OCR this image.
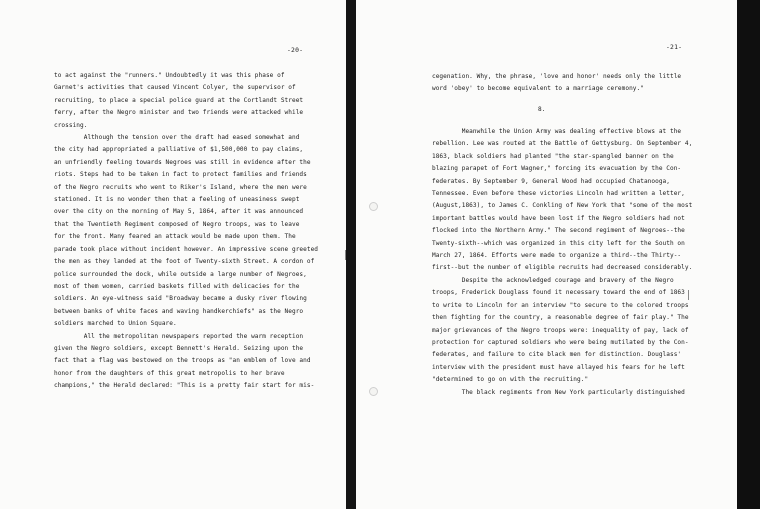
-20-
to act against the "runners." Undoubtedly it was this phase of
Garnet's activities that caused Vincent Colyer, the supervisor of
recruiting, to place a special police guard at the Cortlandt Street
ferry, after the Negro minister and two friends were attacked while
crossing.
Although the tension over the draft had eased somewhat and
the city had appropriated a palliative of $1,500,000 to pay claims,
an unfriendly feeling towards Negroes was still in evidence after the
riots. Steps had to be taken in fact to protect families and friends
of the Negro recruits who went to Riker's Island, where the men were
stationed. It is no wonder then that a feeling of uneasiness swept
over the city on the morning of May 5, 1864, after it was announced
that the Twentieth Regiment composed of Negro troops, was to leave
for the front. Many feared an attack would be made upon them. The
parade took place without incident however. An impressive scene greeted
the men as they landed at the foot of Twenty-sixth Street. A cordon of
police surrounded the dock, while outside a large number of Negroes,
most of them women, carried baskets filled with delicacies for the
soldiers. An eye-witness said "Broadway became a dusky river flowing
between banks of white faces and waving handkerchiefs" as the Negro
soldiers marched to Union Square.
All the metropolitan newspapers reported the warm reception
given the Negro soldiers, except Bennett's Herald. Seizing upon the
fact that a flag was bestowed on the troops as "an emblem of love and
honor from the daughters of this great metropolis to her brave
champions," the Herald declared: "This is a pretty fair start for mis-
-21-
cegenation. Why, the phrase, 'love and honor' needs only the little
word 'obey' to become equivalent to a marriage ceremony."
8.
Meanwhile the Union Army was dealing effective blows at the
rebellion. Lee was routed at the Battle of Gettysburg. On September 4,
1863, black soldiers had planted "the star-spangled banner on the
blazing parapet of Fort Wagner," forcing its evacuation by the Con-
federates. By September 9, General Wood had occupied Chatanooga,
Tennessee. Even before these victories Lincoln had written a letter,
(August,1863), to James C. Conkling of New York that "some of the most
important battles would have been lost if the Negro soldiers had not
flocked into the Northern Army." The second regiment of Negroes--the
Twenty-sixth--which was organized in this city left for the South on
March 27, 1864. Efforts were made to organize a third--the Thirty--
first--but the number of eligible recruits had decreased considerably.
Despite the acknowledged courage and bravery of the Negro
troops, Frederick Douglass found it necessary toward the end of 1863
to write to Lincoln for an interview "to secure to the colored troops
then fighting for the country, a reasonable degree of fair play." The
major grievances of the Negro troops were: inequality of pay, lack of
protection for captured soldiers who were being mutilated by the Con-
federates, and failure to cite black men for distinction. Douglass'
interview with the president must have allayed his fears for he left
"determined to go on with the recruiting."
The black regiments from New York particularly distinguished
